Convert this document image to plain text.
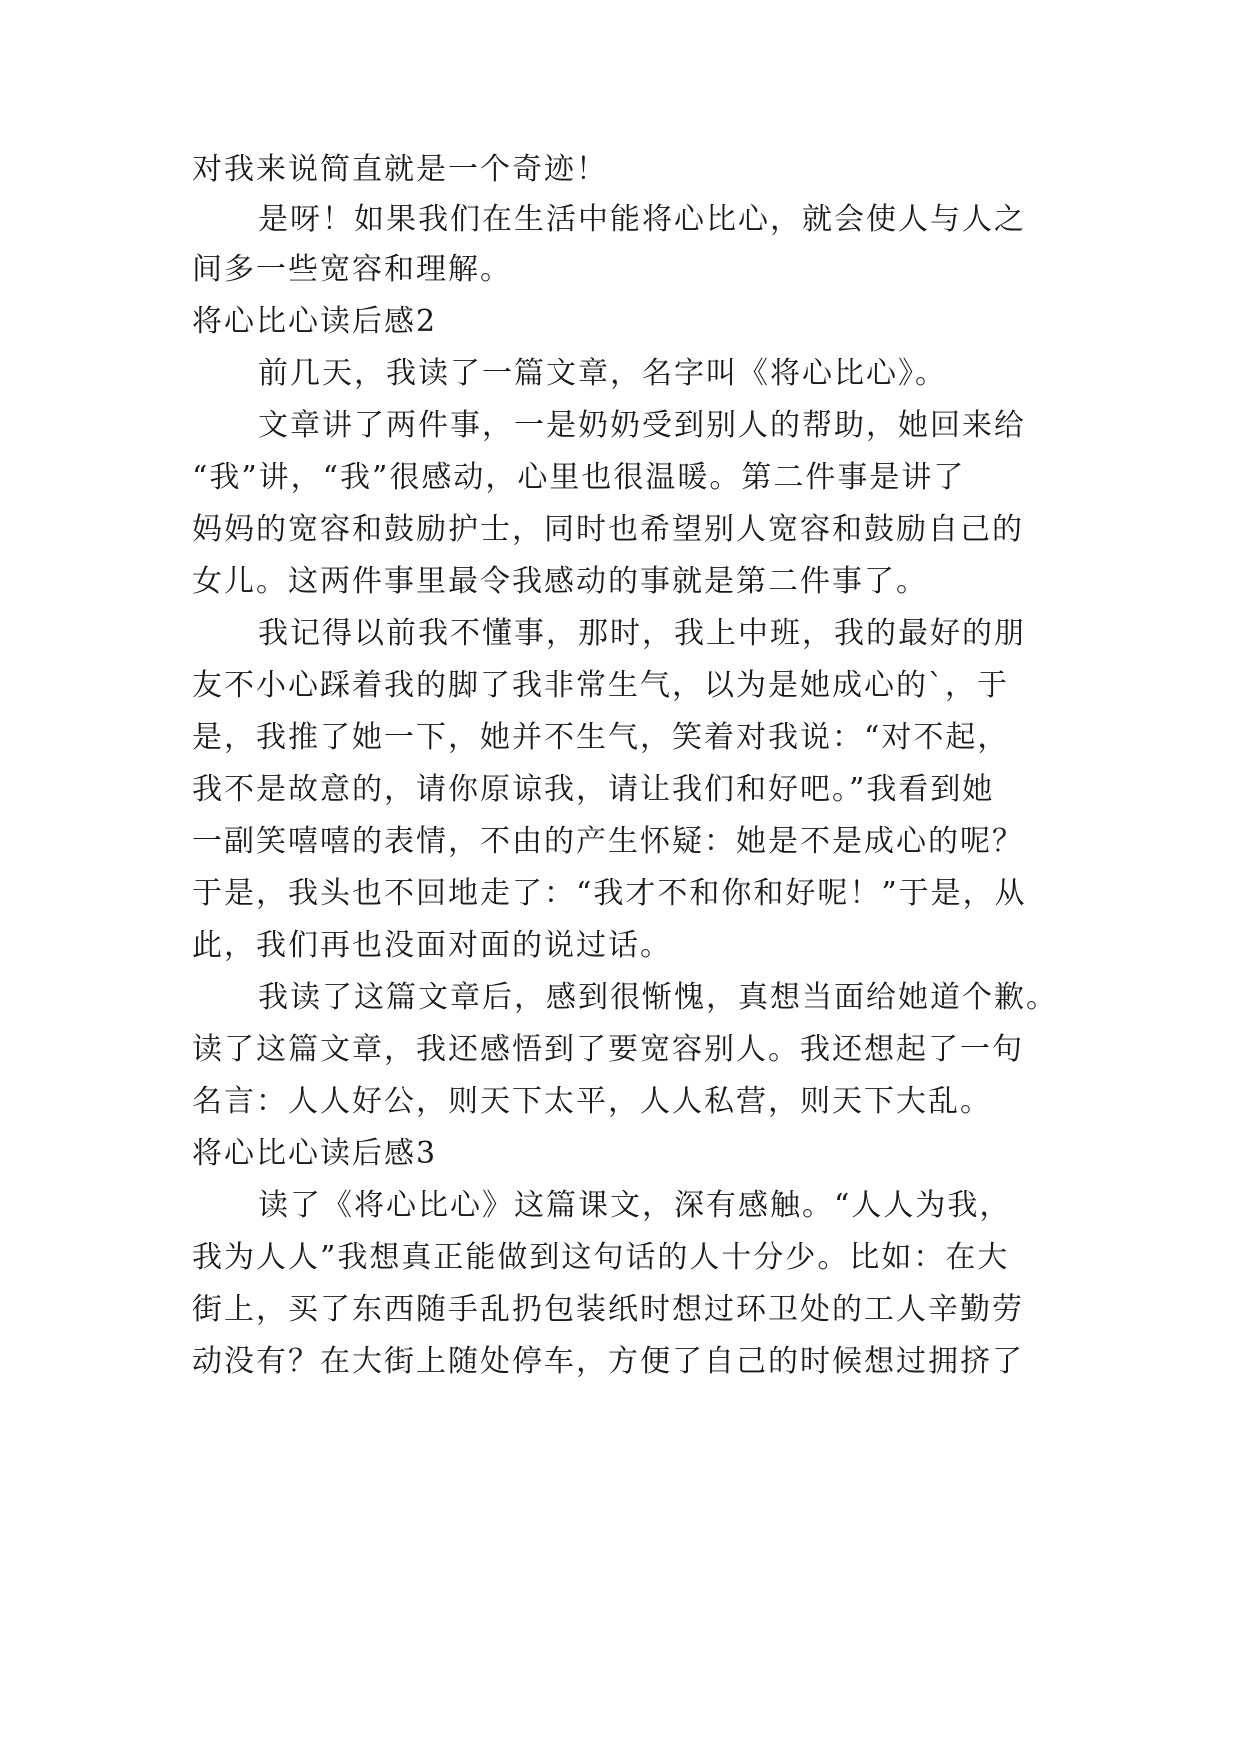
对我来说简直就是一个奇迹！
是呀！如果我们在生活中能将心比心，就会使人与人之
间多一些宽容和理解。
将心比心读后感2
前几天，我读了一篇文章，名字叫《将心比心》。
文章讲了两件事，一是奶奶受到别人的帮助，她回来给
“我”讲，“我”很感动，心里也很温暖。第二件事是讲了
妈妈的宽容和鼓励护士，同时也希望别人宽容和鼓励自己的
女儿。这两件事里最令我感动的事就是第二件事了。
我记得以前我不懂事，那时，我上中班，我的最好的朋
友不小心踩着我的脚了我非常生气，以为是她成心的`，于
是，我推了她一下，她并不生气，笑着对我说：“对不起，
我不是故意的，请你原谅我，请让我们和好吧。”我看到她
一副笑嘻嘻的表情，不由的产生怀疑：她是不是成心的呢？
于是，我头也不回地走了：“我才不和你和好呢！”于是，从
此，我们再也没面对面的说过话。
我读了这篇文章后，感到很惭愧，真想当面给她道个歉。
读了这篇文章，我还感悟到了要宽容别人。我还想起了一句
名言：人人好公，则天下太平，人人私营，则天下大乱。
将心比心读后感3
读了《将心比心》这篇课文，深有感触。“人人为我，
我为人人”我想真正能做到这句话的人十分少。比如：在大
街上，买了东西随手乱扔包装纸时想过环卫处的工人辛勤劳
动没有？在大街上随处停车，方便了自己的时候想过拥挤了
